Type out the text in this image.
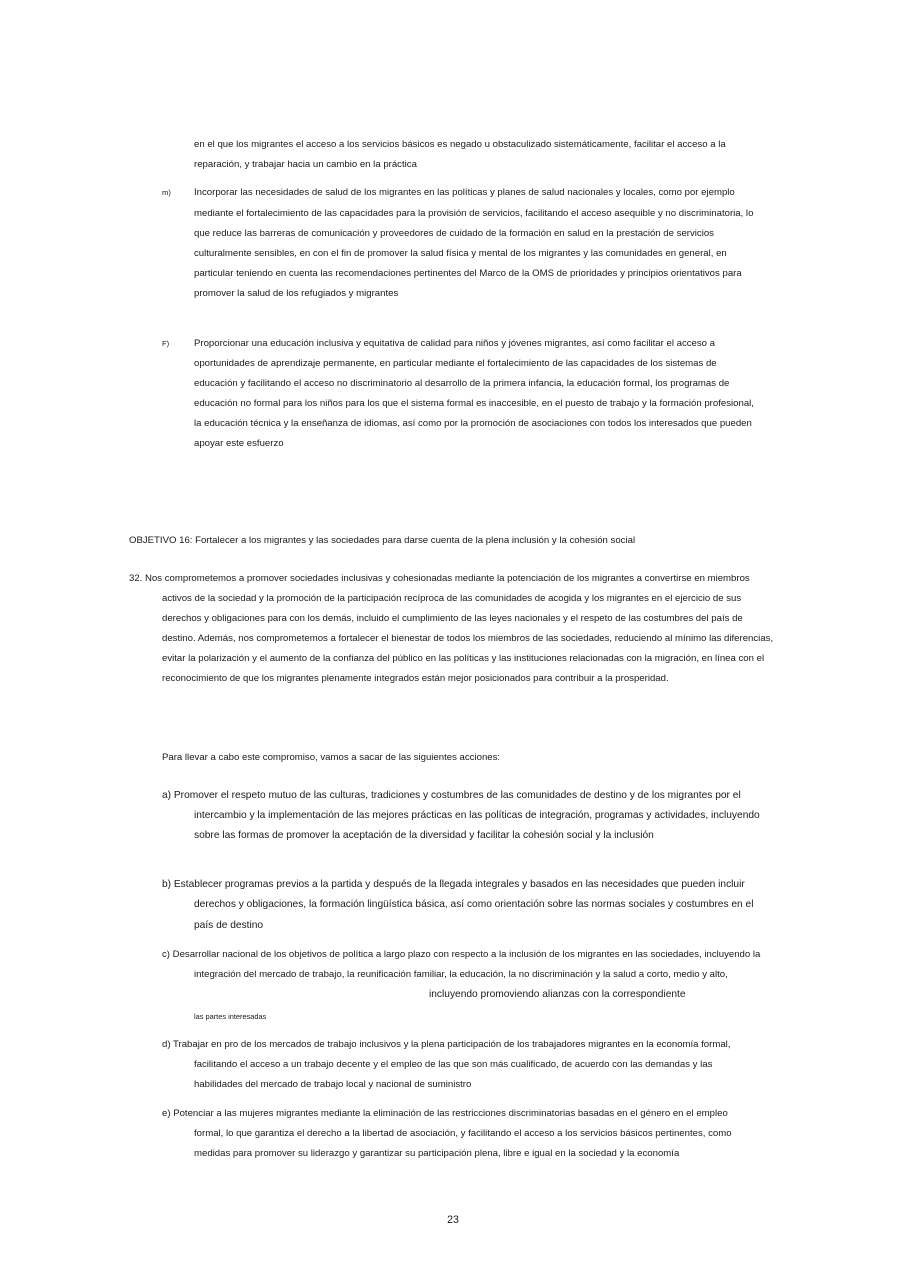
en el que los migrantes el acceso a los servicios básicos es negado u obstaculizado sistemáticamente, facilitar el acceso a la
reparación, y trabajar hacia un cambio en la práctica
m) Incorporar las necesidades de salud de los migrantes en las políticas y planes de salud nacionales y locales, como por ejemplo
mediante el fortalecimiento de las capacidades para la provisión de servicios, facilitando el acceso asequible y no discriminatoria, lo
que reduce las barreras de comunicación y proveedores de cuidado de la formación en salud en la prestación de servicios
culturalmente sensibles, en con el fin de promover la salud física y mental de los migrantes y las comunidades en general, en
particular teniendo en cuenta las recomendaciones pertinentes del Marco de la OMS de prioridades y principios orientativos para
promover la salud de los refugiados y migrantes
F)	Proporcionar una educación inclusiva y equitativa de calidad para niños y jóvenes migrantes, así como facilitar el acceso a
oportunidades de aprendizaje permanente, en particular mediante el fortalecimiento de las capacidades de los sistemas de
educación y facilitando el acceso no discriminatorio al desarrollo de la primera infancia, la educación formal, los programas de
educación no formal para los niños para los que el sistema formal es inaccesible, en el puesto de trabajo y la formación profesional,
la educación técnica y la enseñanza de idiomas, así como por la promoción de asociaciones con todos los interesados que pueden
apoyar este esfuerzo
OBJETIVO 16: Fortalecer a los migrantes y las sociedades para darse cuenta de la plena inclusión y la cohesión social
32. Nos comprometemos a promover sociedades inclusivas y cohesionadas mediante la potenciación de los migrantes a convertirse en miembros
activos de la sociedad y la promoción de la participación recíproca de las comunidades de acogida y los migrantes en el ejercicio de sus
derechos y obligaciones para con los demás, incluido el cumplimiento de las leyes nacionales y el respeto de las costumbres del país de
destino. Además, nos comprometemos a fortalecer el bienestar de todos los miembros de las sociedades, reduciendo al mínimo las diferencias,
evitar la polarización y el aumento de la confianza del público en las políticas y las instituciones relacionadas con la migración, en línea con el
reconocimiento de que los migrantes plenamente integrados están mejor posicionados para contribuir a la prosperidad.
Para llevar a cabo este compromiso, vamos a sacar de las siguientes acciones:
a) Promover el respeto mutuo de las culturas, tradiciones y costumbres de las comunidades de destino y de los migrantes por el
intercambio y la implementación de las mejores prácticas en las políticas de integración, programas y actividades, incluyendo
sobre las formas de promover la aceptación de la diversidad y facilitar la cohesión social y la inclusión
b) Establecer programas previos a la partida y después de la llegada integrales y basados en las necesidades que pueden incluir
derechos y obligaciones, la formación lingüística básica, así como orientación sobre las normas sociales y costumbres en el
país de destino
c) Desarrollar nacional de los objetivos de política a largo plazo con respecto a la inclusión de los migrantes en las sociedades, incluyendo la
integración del mercado de trabajo, la reunificación familiar, la educación, la no discriminación y la salud a corto, medio y alto,
incluyendo promoviendo alianzas con la correspondiente
las partes interesadas
d) Trabajar en pro de los mercados de trabajo inclusivos y la plena participación de los trabajadores migrantes en la economía formal,
facilitando el acceso a un trabajo decente y el empleo de las que son más cualificado, de acuerdo con las demandas y las
habilidades del mercado de trabajo local y nacional de suministro
e) Potenciar a las mujeres migrantes mediante la eliminación de las restricciones discriminatorias basadas en el género en el empleo
formal, lo que garantiza el derecho a la libertad de asociación, y facilitando el acceso a los servicios básicos pertinentes, como
medidas para promover su liderazgo y garantizar su participación plena, libre e igual en la sociedad y la economía
23
